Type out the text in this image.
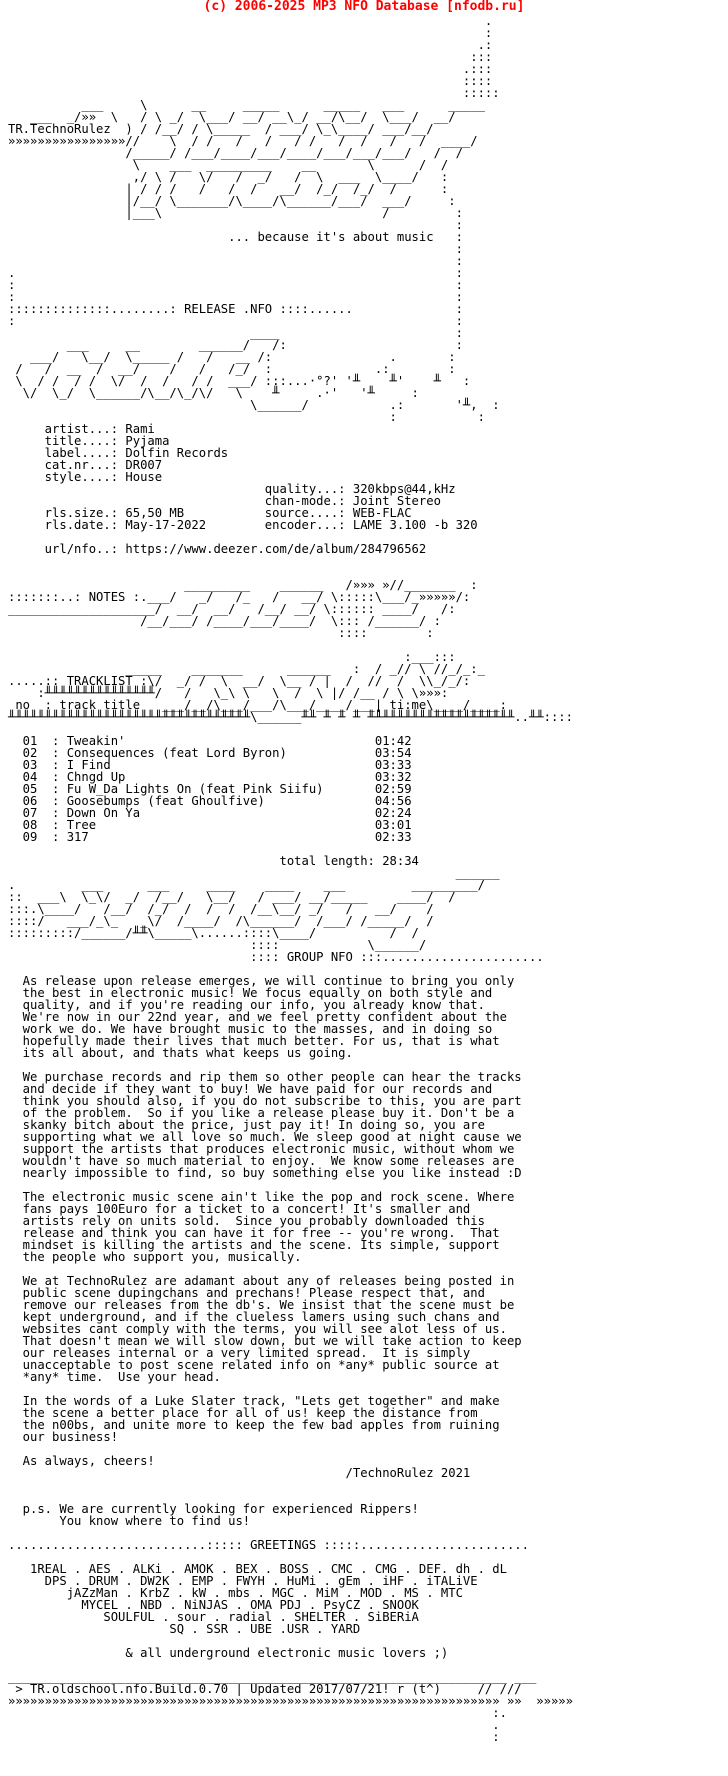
(c) 2006-2025 MP3 NFO Database [nfodb.ru]
.
:
.:
:::
.:::
::::
:::::
___     \      __     _____      _____   ___      _____
___  _/»»  \   / \ _/  \___/ __/ __\_/ __/\__/  \___/  __/
TR.TechnoRulez  ) / /__/ / \_____  / ___/ \_\____/ ___/__/
»»»»»»»»»»»»»»»»//    \  / /   /   /   / /   /  /   /   /  ____/
/_____/ /___/____/___/____/___/___/___/   /  /
\    ___  _________    __       \      /  /
,/ \ /   \/   /  _/   /  \  ___  \____/   :
| / / /   /   /  /   __/  /_/  /_/  /      :
|/__/ \_______/\____/\______/___/  ___/     :
|___\                              /         :
:
... because it's about music   :
:
:
.                                                            :
:                                                            :
:                                                            :
::::::::::::::........: RELEASE .NFO ::::......              :
:                                                            :
____                        :
___     __        ______/   /:                       :
___/   \__/  \_____ /   /   __ /:                .       :
/   /  __  /  __/    /   /   /_/  :              .:        :
\  / /  / /  \/  /  /   / /  ___/ :::...·°?' '╨    ╨'    ╨   :
\/  \_/  \______/\__/\_/\/   \    ╨     .·'   '╨     :
\______/           .:       '╨,  :
:           :
artist...: Rami
title....: Pyjama
label....: Dolfin Records
cat.nr...: DR007
style....: House
quality...: 320kbps@44,kHz
chan-mode.: Joint Stereo
rls.size.: 65,50 MB           source....: WEB-FLAC
rls.date.: May-17-2022        encoder...: LAME 3.100 -b 320

url/nfo..: https://www.deezer.com/de/album/284796562

_________    ______   /»»» »//_______  :
:::::::..: NOTES :.___/   _/   /_   /   __/ \:::::\___/_»»»»»/:
____________________/  __/  __/   /__/ __/ \:::::: ____/   /:
/__/___/ /____/___/____/  \::: /______/ :
::::        :

:___:::
_____    _______      ______   :  / _// \ //_/_:_
.....:: TRACKLIST :\/  _/ /  \  __/  \__ / |  /  //  /  \\_/_/:
:╨╨╨╨╨╨╨╨╨╨╨╨╨╨╨/   /   \_\ \   \  /  \ |/ /__ / \ \»»»:
no  : track title   ___/__/\___/___/\___/____/___| ti:me\____/____:
╨╨╨╨╨╨╨╨╨╨╨╨╨╨╨╨╨╨╨╨╨╨╨╨╨╨╨╨╨╨╨╨╨\______╨╨ ╨ ╨ ╨ ╨╨╨╨╨╨╨╨╨╨╨╨╨╨╨╨╨╨╨╨..╨╨::::

01  : Tweakin'                                  01:42
02  : Consequences (feat Lord Byron)            03:54
03  : I Find                                    03:33
04  : Chngd Up                                  03:32
05  : Fu W_Da Lights On (feat Pink Siifu)       02:59
06  : Goosebumps (feat Ghoulfive)               04:56
07  : Down On Ya                                02:24
08  : Tree                                      03:01
09  : 317                                       02:33

total length: 28:34
______
.         ___      ___     ____    ____    ___         _________/
::  ___\  \_\/  _/  /__/   \__/   / ___/ __/_____    ____/  /
:::.\____/   /__/  /_/  /  /  /  /__\__/ _/   /   __/    /
::::/   ___/_\_   _\/  /____/  /\______/  /___/ /_____/  /
:::::::::/______/╨╨\_____\......::::\____/          /  /
::::            \______/
:::: GROUP NFO :::......................

As release upon release emerges, we will continue to bring you only
the best in electronic music! We focus equally on both style and
quality, and if you're reading our info, you already know that.
We're now in our 22nd year, and we feel pretty confident about the
work we do. We have brought music to the masses, and in doing so
hopefully made their lives that much better. For us, that is what
its all about, and thats what keeps us going.

We purchase records and rip them so other people can hear the tracks
and decide if they want to buy! We have paid for our records and
think you should also, if you do not subscribe to this, you are part
of the problem.  So if you like a release please buy it. Don't be a
skanky bitch about the price, just pay it! In doing so, you are
supporting what we all love so much. We sleep good at night cause we
support the artists that produces electronic music, without whom we
wouldn't have so much material to enjoy.  We know some releases are
nearly impossible to find, so buy something else you like instead :D

The electronic music scene ain't like the pop and rock scene. Where
fans pays 100Euro for a ticket to a concert! It's smaller and
artists rely on units sold.  Since you probably downloaded this
release and think you can have it for free -- you're wrong.  That
mindset is killing the artists and the scene. Its simple, support
the people who support you, musically.

We at TechnoRulez are adamant about any of releases being posted in
public scene dupingchans and prechans! Please respect that, and
remove our releases from the db's. We insist that the scene must be
kept underground, and if the clueless lamers using such chans and
websites cant comply with the terms, you will see alot less of us.
That doesn't mean we will slow down, but we will take action to keep
our releases internal or a very limited spread.  It is simply
unacceptable to post scene related info on *any* public source at
*any* time.  Use your head.

In the words of a Luke Slater track, "Lets get together" and make
the scene a better place for all of us! keep the distance from
the n00bs, and unite more to keep the few bad apples from ruining
our business!

As always, cheers!
/TechnoRulez 2021

p.s. We are currently looking for experienced Rippers!
You know where to find us!

...........................::::: GREETINGS :::::.......................

1REAL . AES . ALKi . AMOK . BEX . BOSS . CMC . CMG . DEF. dh . dL
DPS . DRUM . DW2K . EMP . FWYH . HuMi . gEm . iHF . iTALiVE
jAZzMan . KrbZ . kW . mbs . MGC . MiM . MOD . MS . MTC
MYCEL . NBD . NiNJAS . OMA PDJ . PsyCZ . SNOOK
SOULFUL . sour . radial . SHELTER . SiBERiA
SQ . SSR . UBE .USR . YARD

& all underground electronic music lovers ;)

____________________________________________________________________ ___
> TR.oldschool.nfo.Build.0.70 | Updated 2017/07/21! r (t^)     // ///
»»»»»»»»»»»»»»»»»»»»»»»»»»»»»»»»»»»»»»»»»»»»»»»»»»»»»»»»»»»»»»»»»»» »»  »»»»»
:.
.
:
